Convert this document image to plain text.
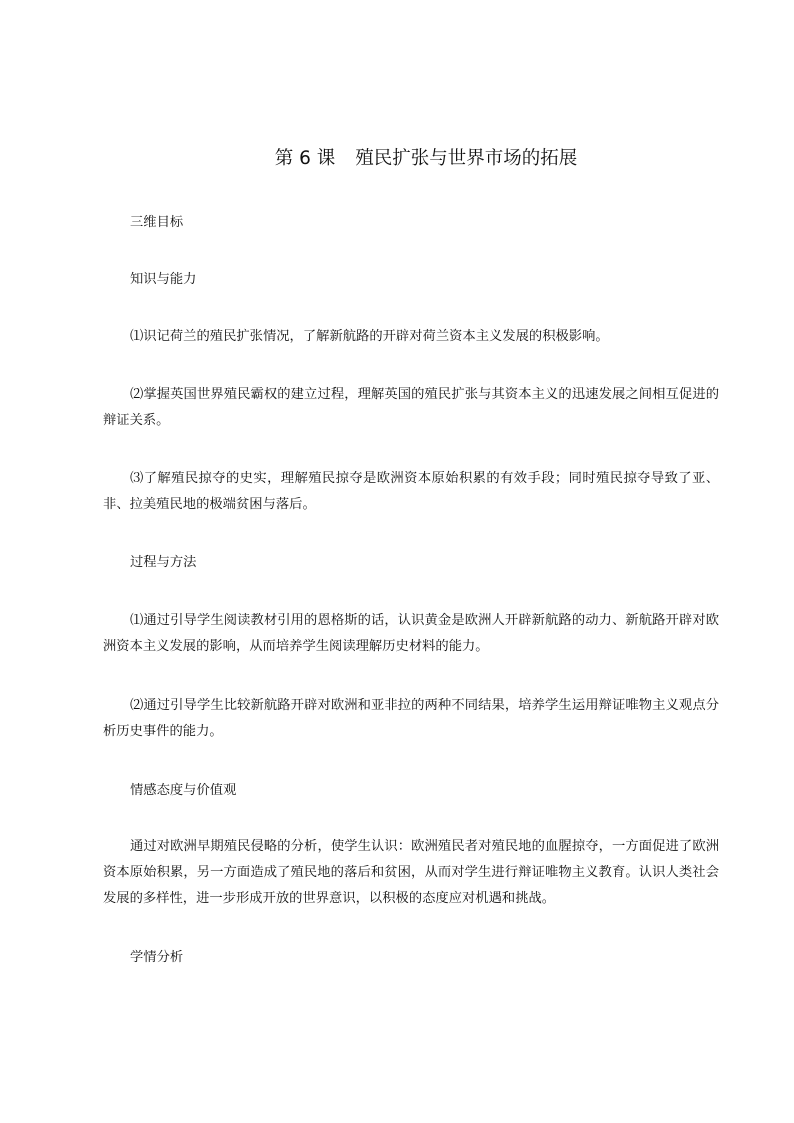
第 6 课 殖民扩张与世界市场的拓展

三维目标

知识与能力

⑴识记荷兰的殖民扩张情况，了解新航路的开辟对荷兰资本主义发展的积极影响。

⑵掌握英国世界殖民霸权的建立过程，理解英国的殖民扩张与其资本主义的迅速发展之间相互促进的辩证关系。

⑶了解殖民掠夺的史实，理解殖民掠夺是欧洲资本原始积累的有效手段；同时殖民掠夺导致了亚、非、拉美殖民地的极端贫困与落后。

过程与方法

⑴通过引导学生阅读教材引用的恩格斯的话，认识黄金是欧洲人开辟新航路的动力、新航路开辟对欧洲资本主义发展的影响，从而培养学生阅读理解历史材料的能力。

⑵通过引导学生比较新航路开辟对欧洲和亚非拉的两种不同结果，培养学生运用辩证唯物主义观点分析历史事件的能力。

情感态度与价值观

通过对欧洲早期殖民侵略的分析，使学生认识：欧洲殖民者对殖民地的血腥掠夺，一方面促进了欧洲资本原始积累，另一方面造成了殖民地的落后和贫困，从而对学生进行辩证唯物主义教育。认识人类社会发展的多样性，进一步形成开放的世界意识，以积极的态度应对机遇和挑战。

学情分析
